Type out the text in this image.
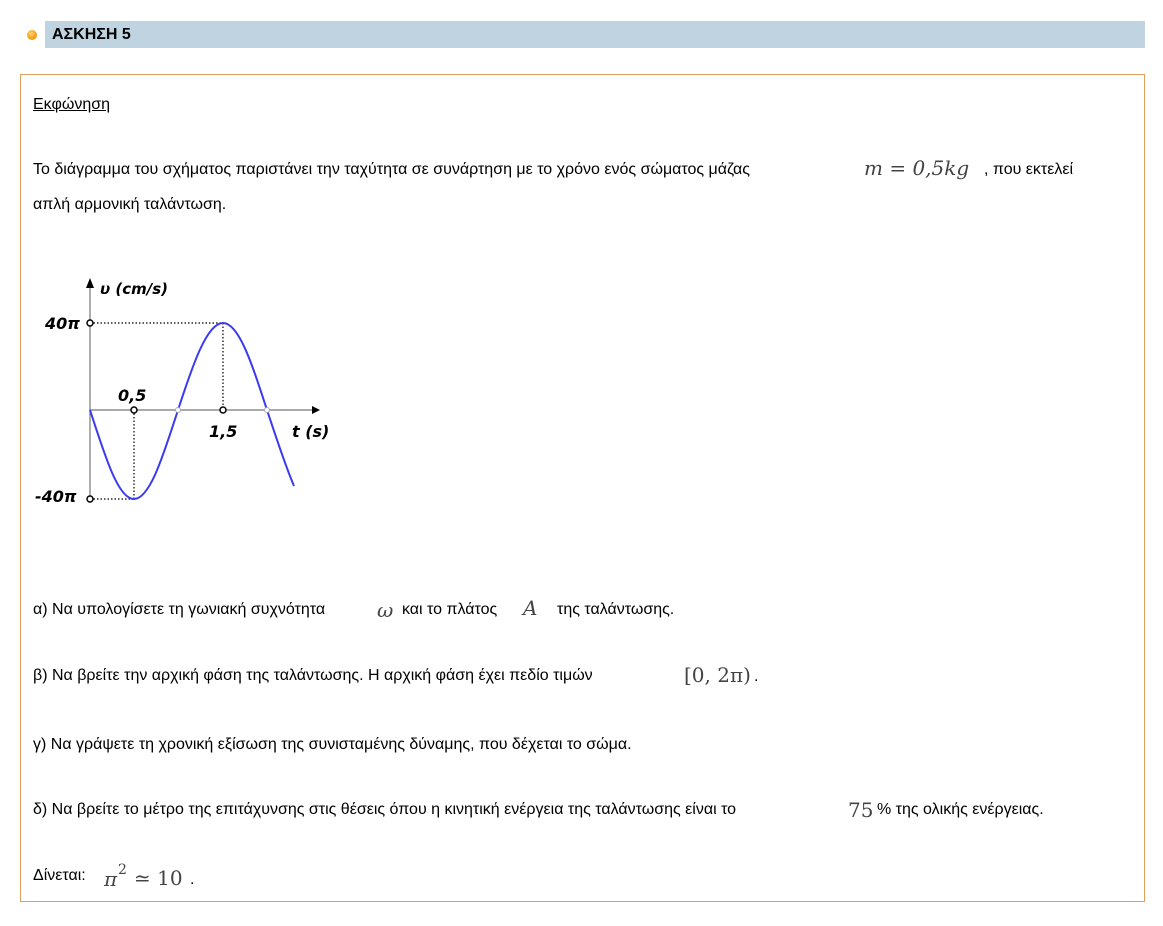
ΑΣΚΗΣΗ 5
Εκφώνηση
Το διάγραμμα του σχήματος παριστάνει την ταχύτητα σε συνάρτηση με το χρόνο ενός σώματος μάζας	m = 0,5kg , που εκτελεί
απλή αρμονική ταλάντωση.
υ (cm/s)
t (s)
40π
-40π
0,5
1,5
α) Να υπολογίσετε τη γωνιακή συχνότητα	ω και το πλάτος A της ταλάντωσης.
β) Να βρείτε την αρχική φάση της ταλάντωσης. Η αρχική φάση έχει πεδίο τιμών	[0, 2π) .
γ) Να γράψετε τη χρονική εξίσωση της συνισταμένης δύναμης, που δέχεται το σώμα.
δ) Να βρείτε το μέτρο της επιτάχυνσης στις θέσεις όπου η κινητική ενέργεια της ταλάντωσης είναι το	75 % της ολικής ενέργειας.
Δίνεται: π 2 ≃ 10 .
